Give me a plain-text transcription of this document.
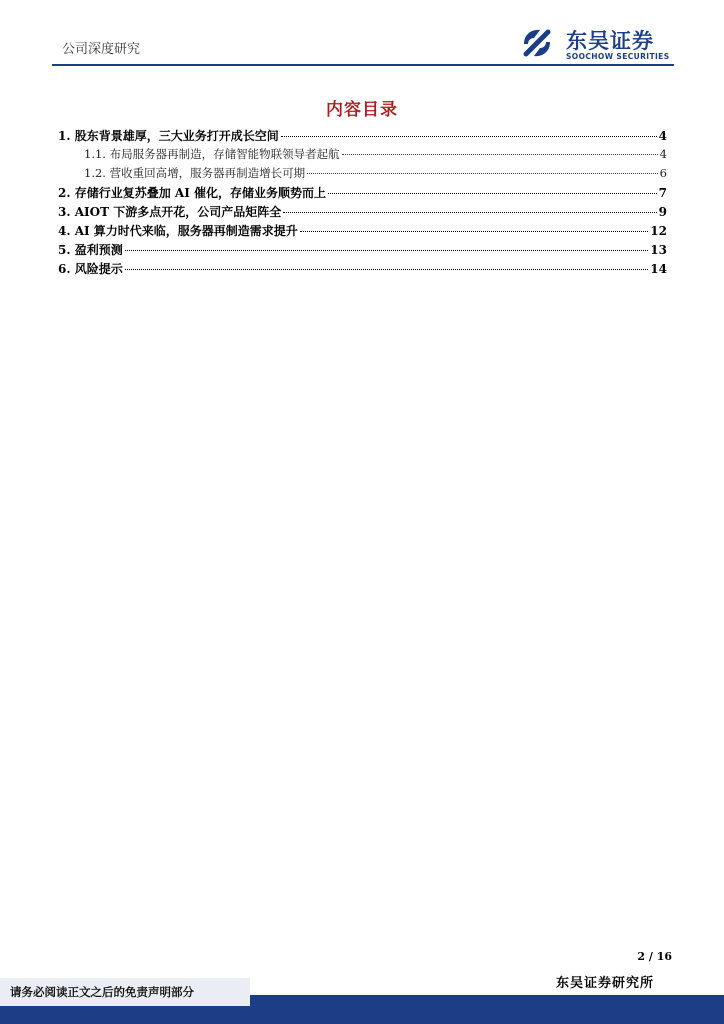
公司深度研究	东吴证券
SOOCHOW SECURITIES
内容目录
1. 股东背景雄厚，三大业务打开成长空间	4
1.1. 布局服务器再制造，存储智能物联领导者起航	4
1.2. 营收重回高增，服务器再制造增长可期	6
2. 存储行业复苏叠加 AI 催化，存储业务顺势而上	7
3. AIOT 下游多点开花，公司产品矩阵全	9
4. AI 算力时代来临，服务器再制造需求提升	12
5. 盈利预测	13
6. 风险提示	14
2 / 16
东吴证券研究所
请务必阅读正文之后的免责声明部分
